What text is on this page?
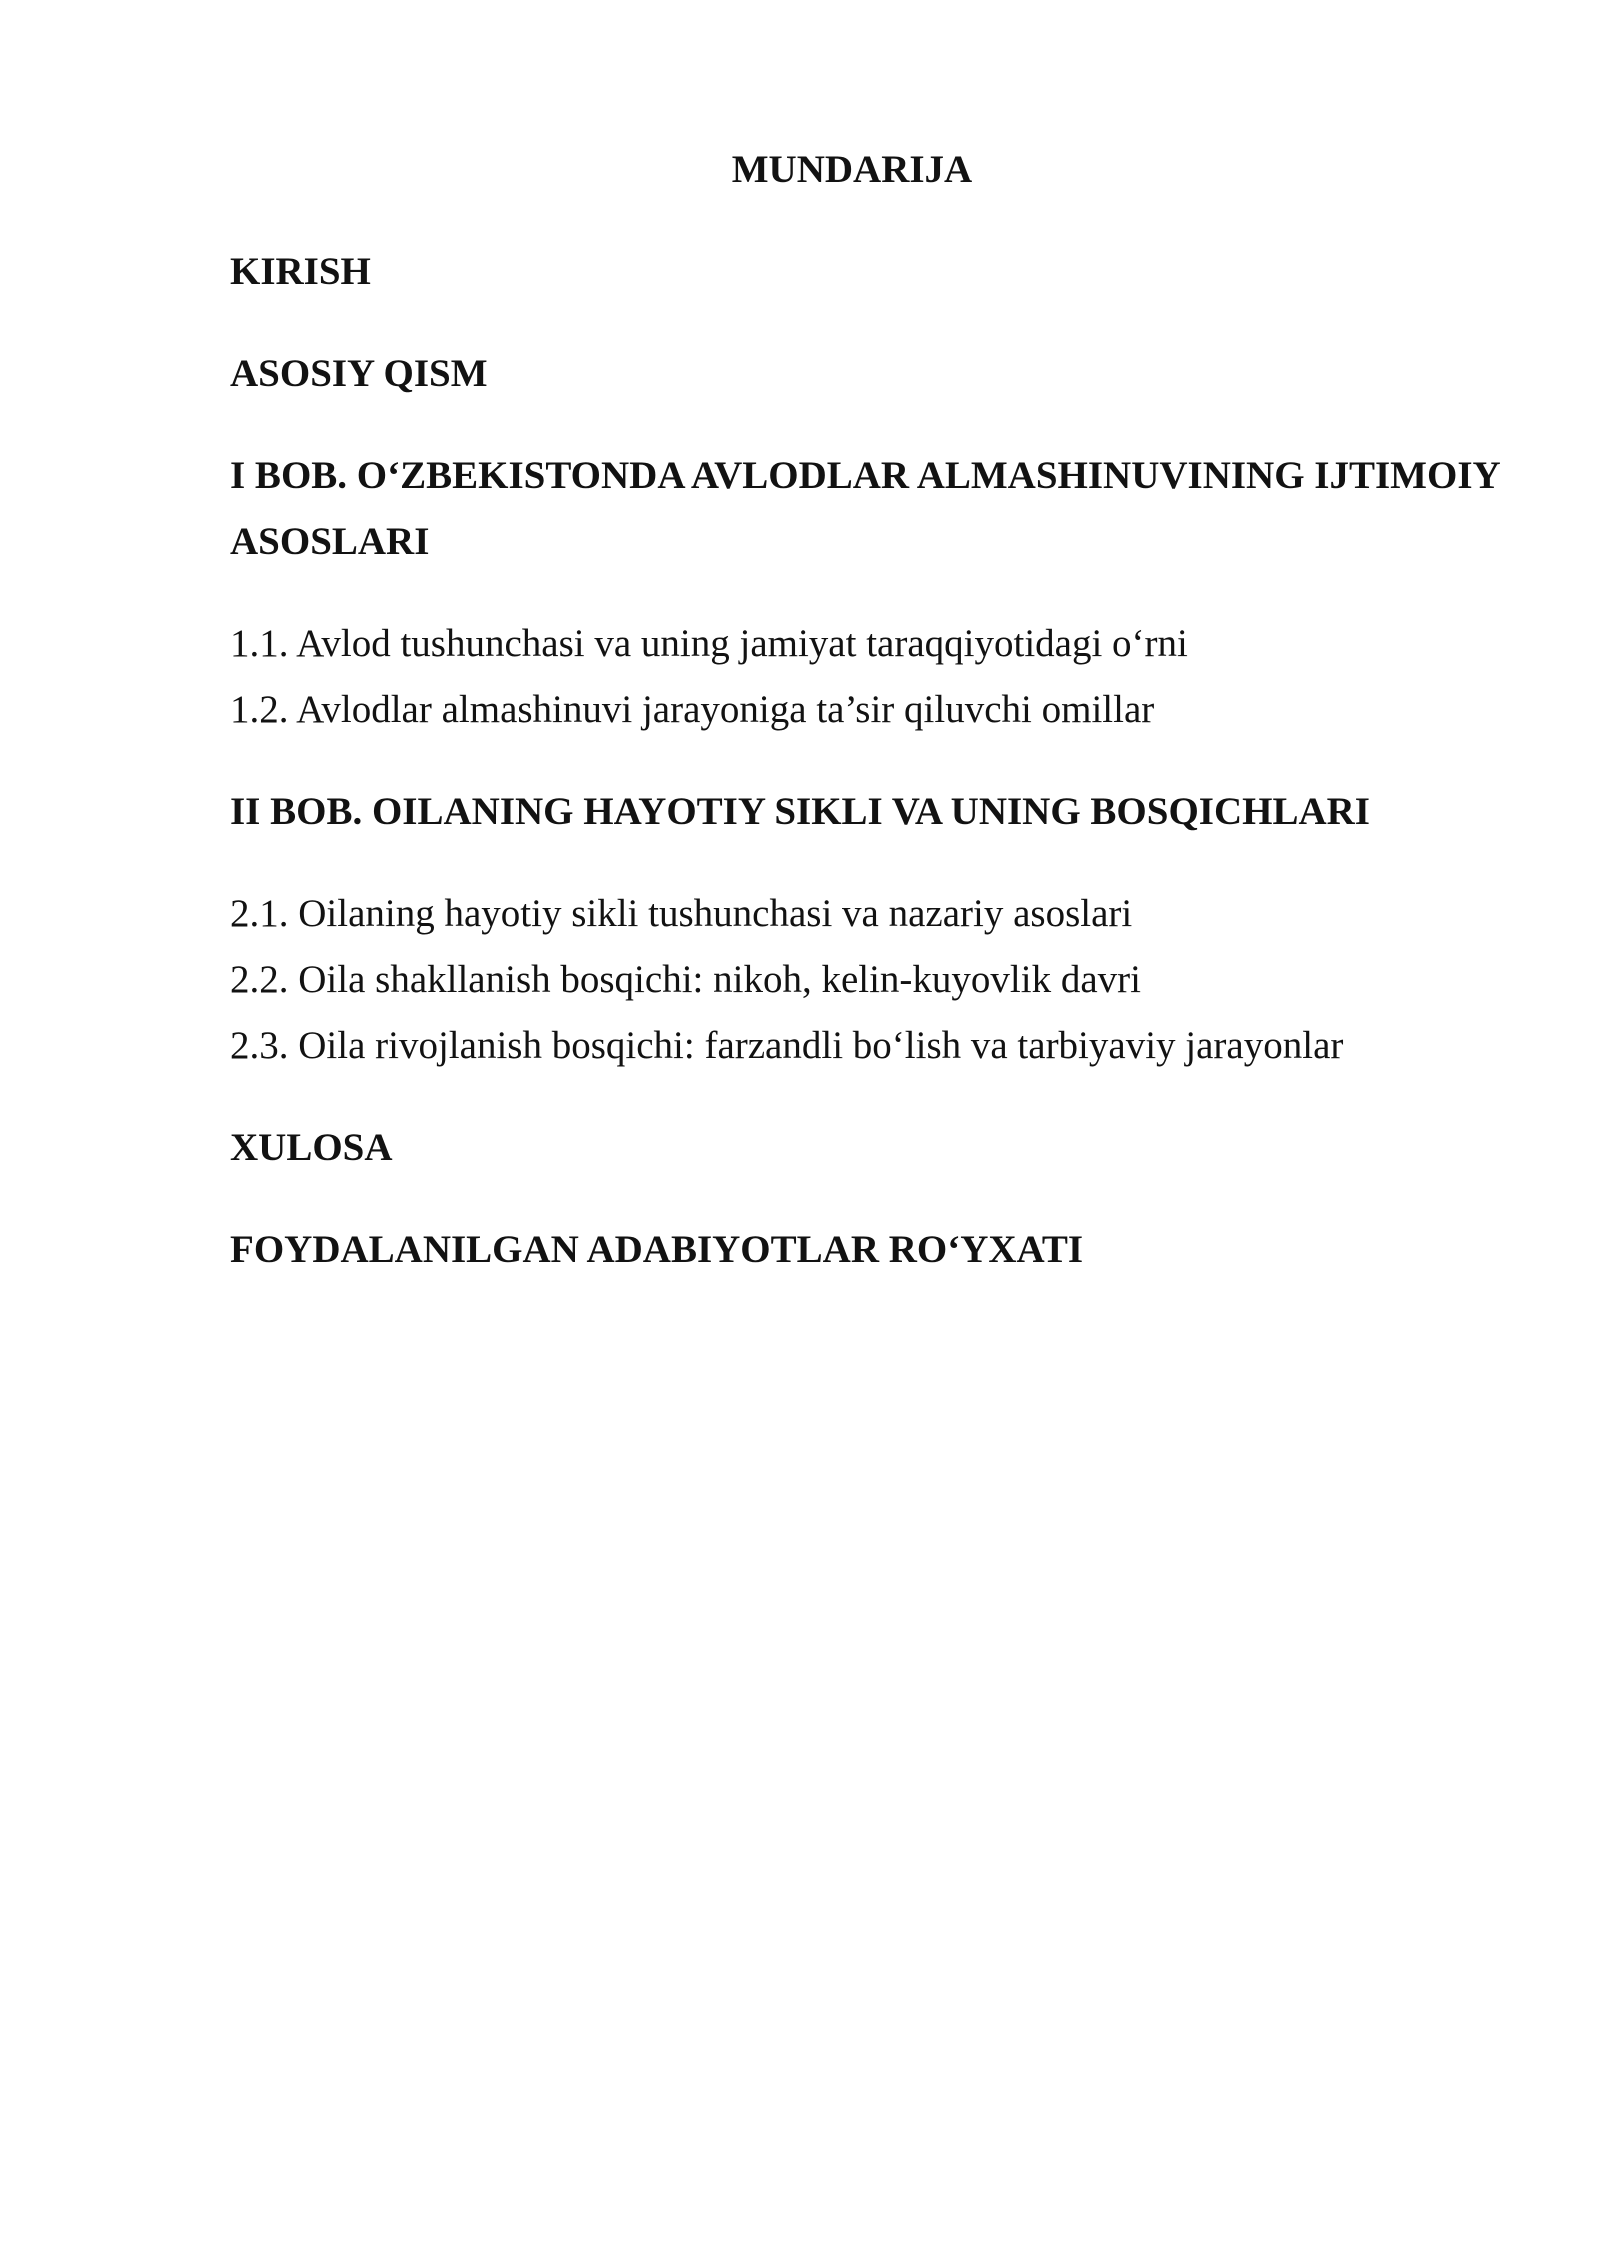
MUNDARIJA
KIRISH
ASOSIY QISM
I BOB. O‘ZBEKISTONDA AVLODLAR ALMASHINUVINING IJTIMOIY
ASOSLARI
1.1. Avlod tushunchasi va uning jamiyat taraqqiyotidagi o‘rni
1.2. Avlodlar almashinuvi jarayoniga ta’sir qiluvchi omillar
II BOB. OILANING HAYOTIY SIKLI VA UNING BOSQICHLARI
2.1. Oilaning hayotiy sikli tushunchasi va nazariy asoslari
2.2. Oila shakllanish bosqichi: nikoh, kelin-kuyovlik davri
2.3. Oila rivojlanish bosqichi: farzandli bo‘lish va tarbiyaviy jarayonlar
XULOSA
FOYDALANILGAN ADABIYOTLAR RO‘YXATI
